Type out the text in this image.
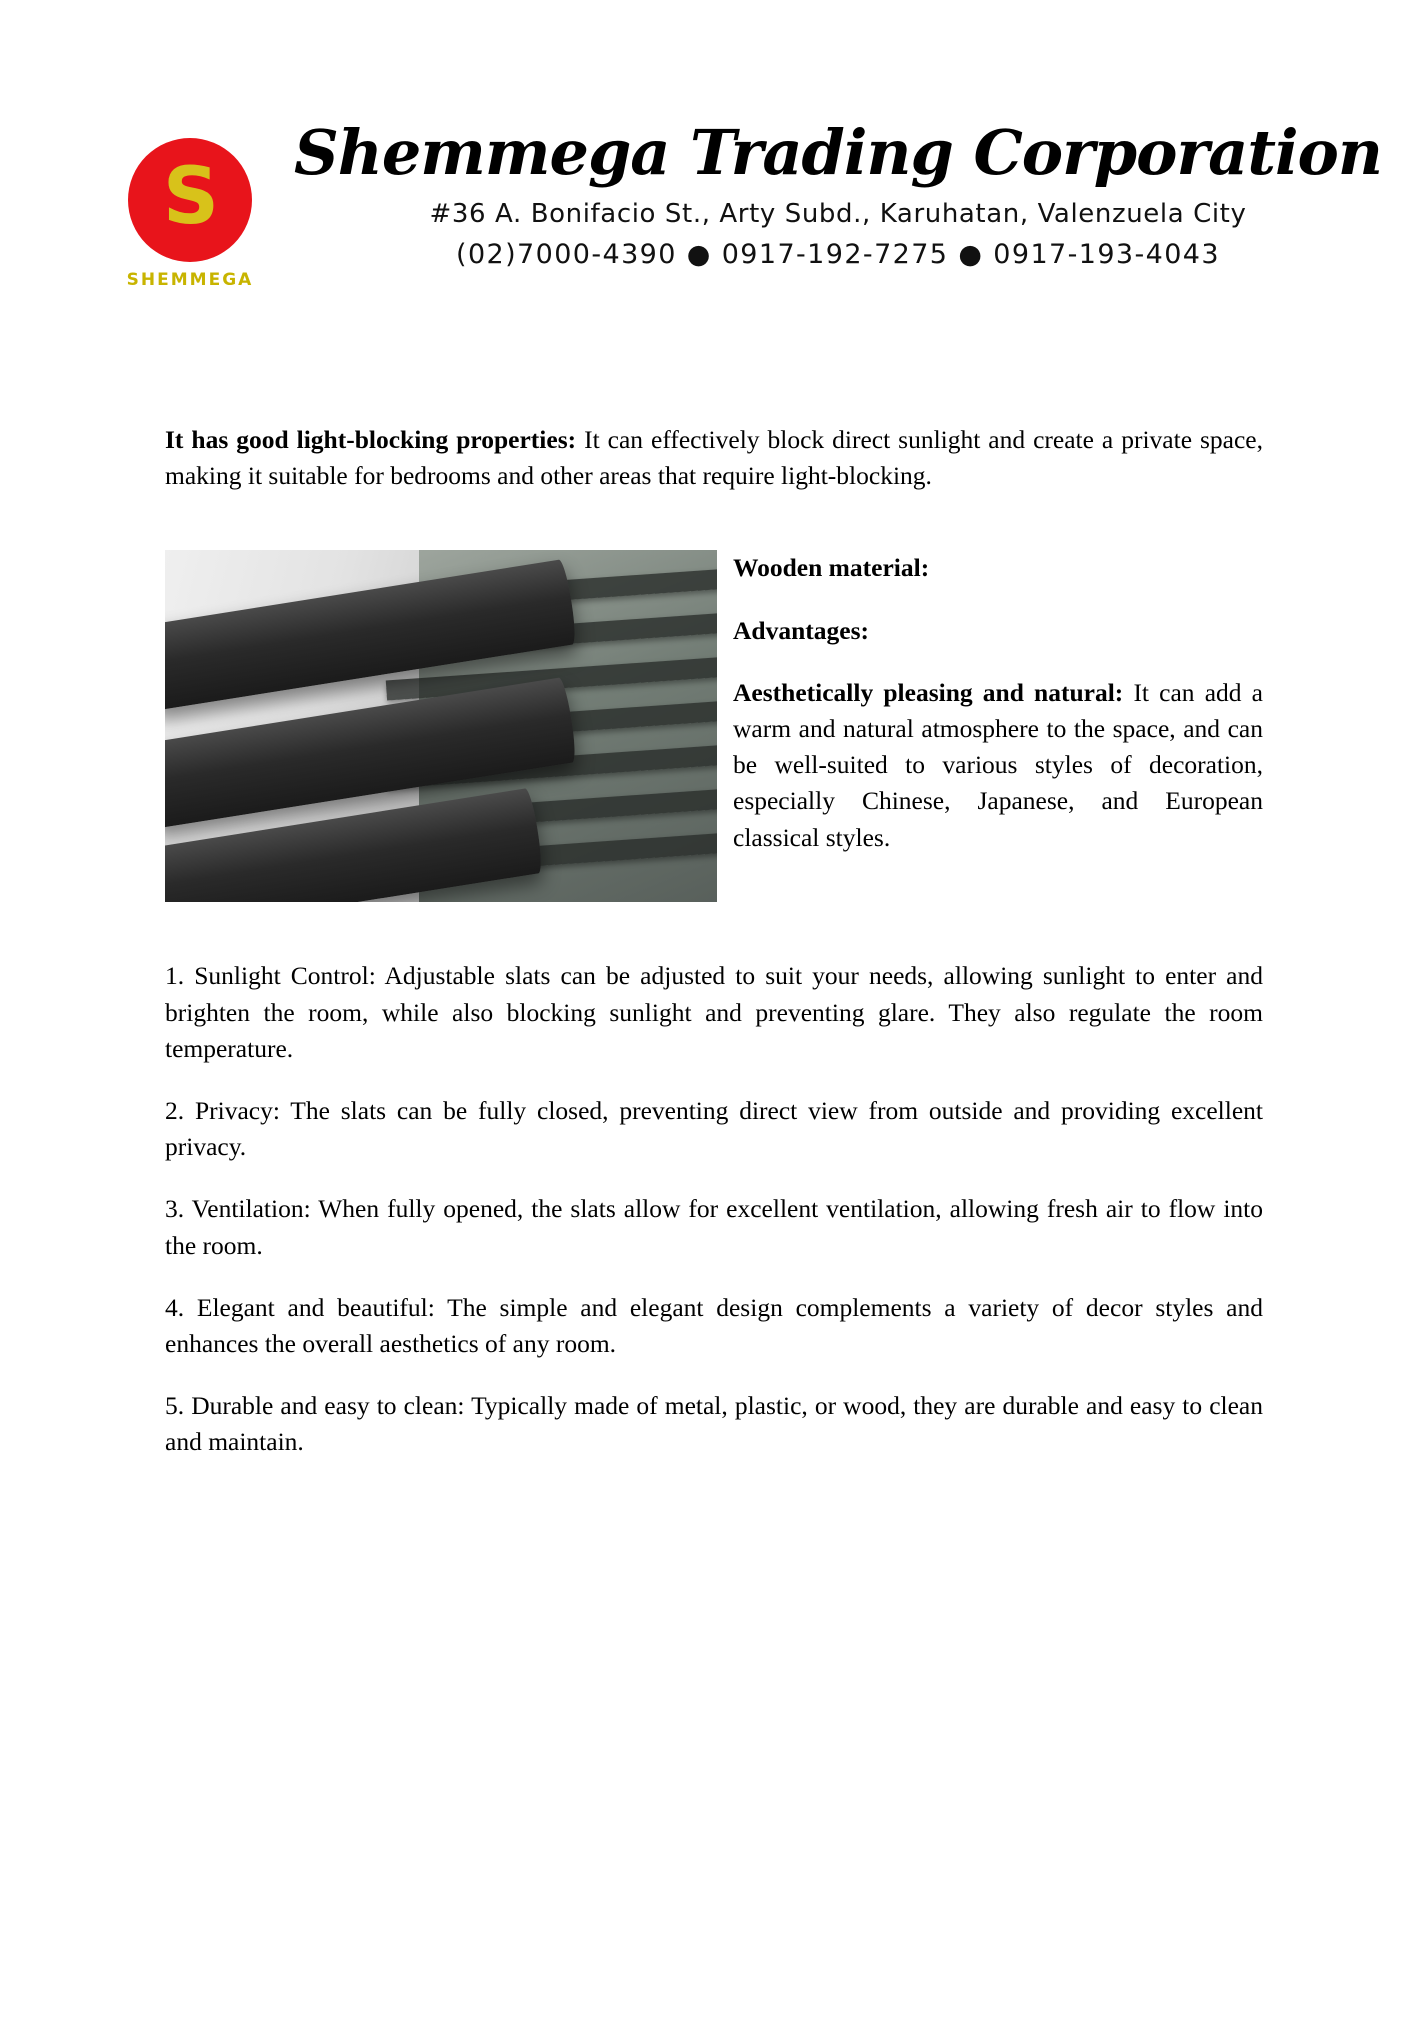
S
SHEMMEGA
Shemmega Trading Corporation
#36 A. Bonifacio St., Arty Subd., Karuhatan, Valenzuela City
(02)7000-4390 ● 0917-192-7275 ● 0917-193-4043

It has good light-blocking properties: It can effectively block direct sunlight and create a private space, making it suitable for bedrooms and other areas that require light-blocking.

Wooden material:

Advantages:

Aesthetically pleasing and natural: It can add a warm and natural atmosphere to the space, and can be well-suited to various styles of decoration, especially Chinese, Japanese, and European classical styles.

1. Sunlight Control: Adjustable slats can be adjusted to suit your needs, allowing sunlight to enter and brighten the room, while also blocking sunlight and preventing glare. They also regulate the room temperature.

2. Privacy: The slats can be fully closed, preventing direct view from outside and providing excellent privacy.

3. Ventilation: When fully opened, the slats allow for excellent ventilation, allowing fresh air to flow into the room.

4. Elegant and beautiful: The simple and elegant design complements a variety of decor styles and enhances the overall aesthetics of any room.

5. Durable and easy to clean: Typically made of metal, plastic, or wood, they are durable and easy to clean and maintain.
